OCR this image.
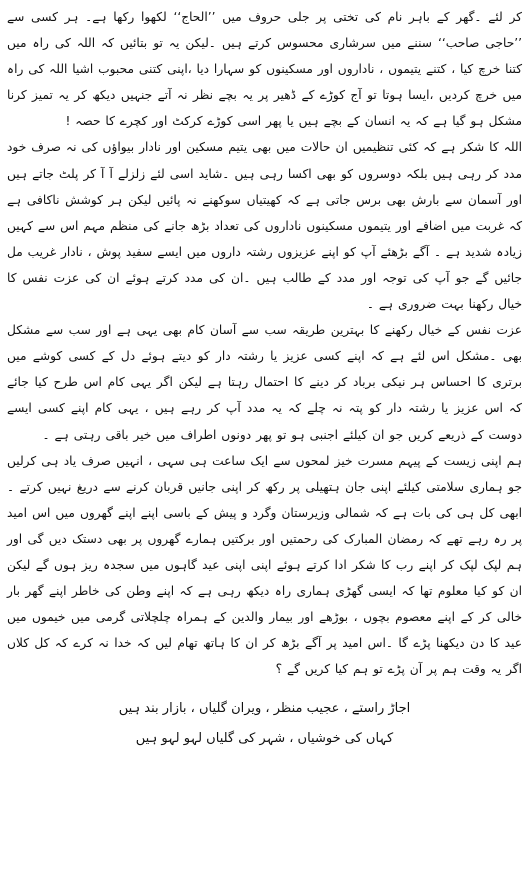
کر لئے ۔گھر کے باہر نام کی تختی پر جلی حروف میں ’’الحاج‘‘ لکھوا رکھا ہے۔ ہر کسی سے ’’حاجی صاحب‘‘ سننے میں سرشاری محسوس کرتے ہیں ۔لیکن یہ تو بتائیں کہ اللہ کی راہ میں کتنا خرچ کیا ، کتنے یتیموں ، ناداروں اور مسکینوں کو سہارا دیا ،اپنی کتنی محبوب اشیا اللہ کی راہ میں خرچ کردیں ،ایسا ہوتا تو آج کوڑے کے ڈھیر پر یہ بچے نظر نہ آتے جنہیں دیکھ کر یہ تمیز کرنا مشکل ہو گیا ہے کہ یہ انسان کے بچے ہیں یا پھر اسی کوڑے کرکٹ اور کچرے کا حصہ !

اللہ کا شکر ہے کہ کئی تنظیمیں ان حالات میں بھی یتیم مسکین اور نادار بیواؤں کی نہ صرف خود مدد کر رہی ہیں بلکہ دوسروں کو بھی اکسا رہی ہیں ۔شاید اسی لئے زلزلے آ آ کر پلٹ جاتے ہیں اور آسمان سے بارش بھی برس جاتی ہے کہ کھیتیاں سوکھنے نہ پائیں لیکن ہر کوشش ناکافی ہے کہ غربت میں اضافے اور یتیموں مسکینوں ناداروں کی تعداد بڑھ جانے کی منظم مہم اس سے کہیں زیادہ شدید ہے ۔ آگے بڑھئے آپ کو اپنے عزیزوں رشتہ داروں میں ایسے سفید پوش ، نادار غریب مل جائیں گے جو آپ کی توجہ اور مدد کے طالب ہیں ۔ان کی مدد کرتے ہوئے ان کی عزت نفس کا خیال رکھنا بہت ضروری ہے ۔

عزت نفس کے خیال رکھنے کا بہترین طریقہ سب سے آسان کام بھی یہی ہے اور سب سے مشکل بھی ۔مشکل اس لئے ہے کہ اپنے کسی عزیز یا رشتہ دار کو دیتے ہوئے دل کے کسی کوشے میں برتری کا احساس ہر نیکی برباد کر دینے کا احتمال رہتا ہے لیکن اگر یہی کام اس طرح کیا جائے کہ اس عزیز یا رشتہ دار کو پتہ نہ چلے کہ یہ مدد آپ کر رہے ہیں ، یہی کام اپنے کسی ایسے دوست کے ذریعے کریں جو ان کیلئے اجنبی ہو تو پھر دونوں اطراف میں خیر باقی رہتی ہے ۔

ہم اپنی زیست کے پیہم مسرت خیز لمحوں سے ایک ساعت ہی سہی ، انہیں صرف یاد ہی کرلیں جو ہماری سلامتی کیلئے اپنی جان ہتھیلی پر رکھ کر اپنی جانیں قربان کرنے سے دریغ نہیں کرتے ۔ابھی کل ہی کی بات ہے کہ شمالی وزیرستان وگرد و پیش کے باسی اپنے اپنے گھروں میں اس امید پر رہ رہے تھے کہ رمضان المبارک کی رحمتیں اور برکتیں ہمارے گھروں پر بھی دستک دیں گی اور ہم لپک لپک کر اپنے رب کا شکر ادا کرتے ہوئے اپنی اپنی عید گاہوں میں سجدہ ریز ہوں گے لیکن ان کو کیا معلوم تھا کہ ایسی گھڑی ہماری راہ دیکھ رہی ہے کہ اپنے وطن کی خاطر اپنے گھر بار خالی کر کے اپنے معصوم بچوں ، بوڑھے اور بیمار والدین کے ہمراہ چلچلاتی گرمی میں خیموں میں عید کا دن دیکھنا پڑے گا ۔اس امید پر آگے بڑھ کر ان کا ہاتھ تھام لیں کہ خدا نہ کرے کہ کل کلاں اگر یہ وقت ہم پر آن پڑے تو ہم کیا کریں گے ؟

اجاڑ راستے ، عجیب منظر ، ویران گلیاں ، بازار بند ہیں
کہاں کی خوشیاں ، شہر کی گلیاں لہو لہو ہیں
